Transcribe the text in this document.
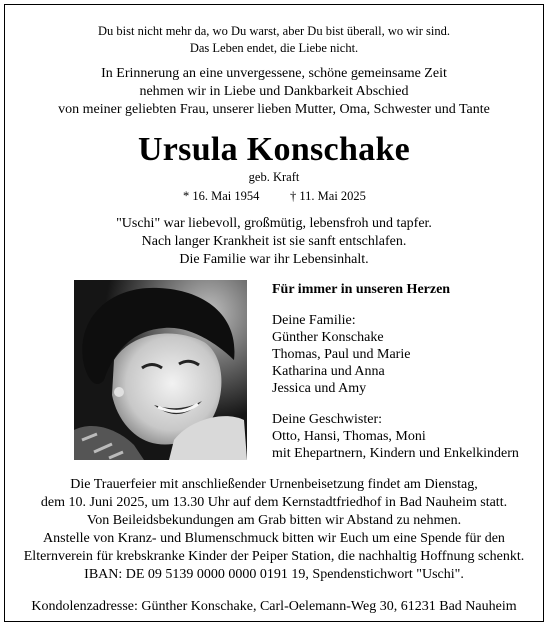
Du bist nicht mehr da, wo Du warst, aber Du bist überall, wo wir sind.
Das Leben endet, die Liebe nicht.
In Erinnerung an eine unvergessene, schöne gemeinsame Zeit
nehmen wir in Liebe und Dankbarkeit Abschied
von meiner geliebten Frau, unserer lieben Mutter, Oma, Schwester und Tante
Ursula Konschake
geb. Kraft
* 16. Mai 1954 † 11. Mai 2025
"Uschi" war liebevoll, großmütig, lebensfroh und tapfer.
Nach langer Krankheit ist sie sanft entschlafen.
Die Familie war ihr Lebensinhalt.
Für immer in unseren Herzen
Deine Familie:
Günther Konschake
Thomas, Paul und Marie
Katharina und Anna
Jessica und Amy
Deine Geschwister:
Otto, Hansi, Thomas, Moni
mit Ehepartnern, Kindern und Enkelkindern
Die Trauerfeier mit anschließender Urnenbeisetzung findet am Dienstag,
dem 10. Juni 2025, um 13.30 Uhr auf dem Kernstadtfriedhof in Bad Nauheim statt.
Von Beileidsbekundungen am Grab bitten wir Abstand zu nehmen.
Anstelle von Kranz- und Blumenschmuck bitten wir Euch um eine Spende für den
Elternverein für krebskranke Kinder der Peiper Station, die nachhaltig Hoffnung schenkt.
IBAN: DE 09 5139 0000 0000 0191 19, Spendenstichwort "Uschi".
Kondolenzadresse: Günther Konschake, Carl-Oelemann-Weg 30, 61231 Bad Nauheim
